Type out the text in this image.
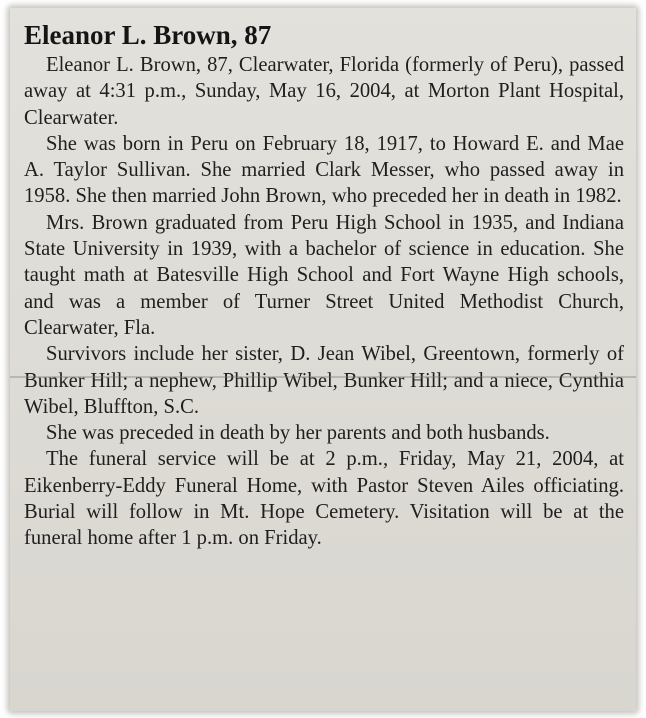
Eleanor L. Brown, 87

Eleanor L. Brown, 87, Clearwater, Florida (formerly of Peru), passed away at 4:31 p.m., Sunday, May 16, 2004, at Morton Plant Hospital, Clearwater.

She was born in Peru on February 18, 1917, to Howard E. and Mae A. Taylor Sullivan. She married Clark Messer, who passed away in 1958. She then married John Brown, who preceded her in death in 1982.

Mrs. Brown graduated from Peru High School in 1935, and Indiana State University in 1939, with a bachelor of science in education. She taught math at Batesville High School and Fort Wayne High schools, and was a member of Turner Street United Methodist Church, Clearwater, Fla.

Survivors include her sister, D. Jean Wibel, Greentown, formerly of Bunker Hill; a nephew, Phillip Wibel, Bunker Hill; and a niece, Cynthia Wibel, Bluffton, S.C.

She was preceded in death by her parents and both husbands.

The funeral service will be at 2 p.m., Friday, May 21, 2004, at Eikenberry-Eddy Funeral Home, with Pastor Steven Ailes officiating. Burial will follow in Mt. Hope Cemetery. Visitation will be at the funeral home after 1 p.m. on Friday.
